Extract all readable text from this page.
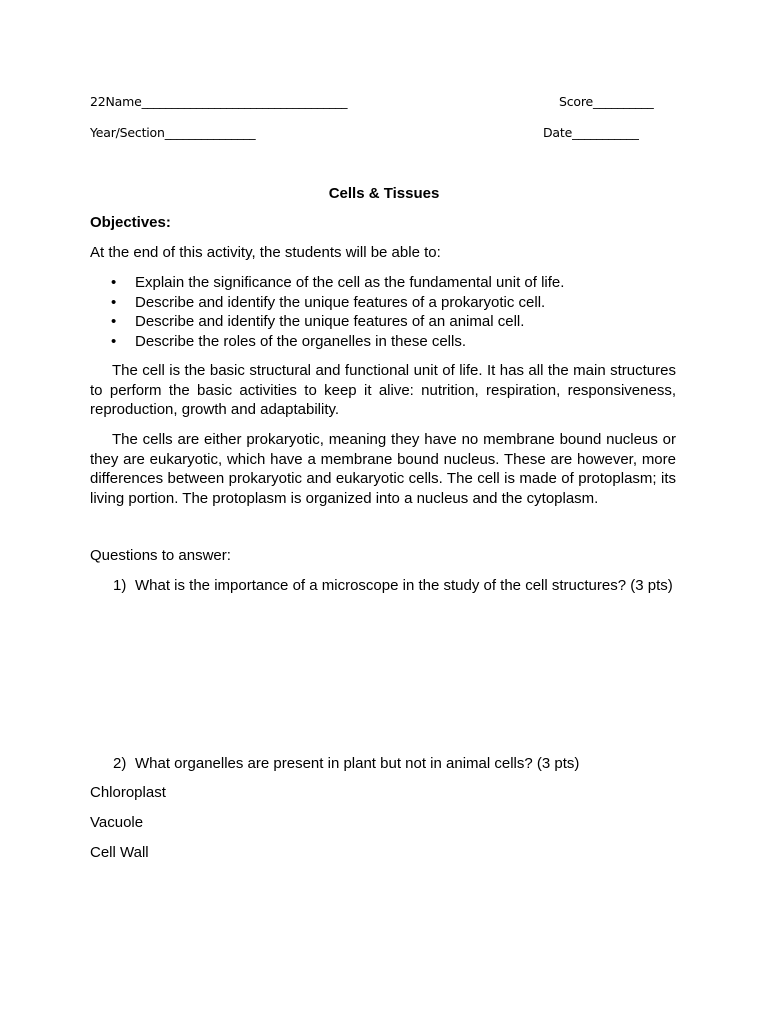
22Name__________________________________	Score__________
Year/Section_______________	Date___________
Cells & Tissues
Objectives:
At the end of this activity, the students will be able to:
• Explain the significance of the cell as the fundamental unit of life.
• Describe and identify the unique features of a prokaryotic cell.
• Describe and identify the unique features of an animal cell.
• Describe the roles of the organelles in these cells.
The cell is the basic structural and functional unit of life. It has all the main structures to perform the basic activities to keep it alive: nutrition, respiration, responsiveness, reproduction, growth and adaptability.
The cells are either prokaryotic, meaning they have no membrane bound nucleus or they are eukaryotic, which have a membrane bound nucleus. These are however, more differences between prokaryotic and eukaryotic cells. The cell is made of protoplasm; its living portion. The protoplasm is organized into a nucleus and the cytoplasm.
Questions to answer:
1) What is the importance of a microscope in the study of the cell structures? (3 pts)
2) What organelles are present in plant but not in animal cells? (3 pts)
Chloroplast
Vacuole
Cell Wall
